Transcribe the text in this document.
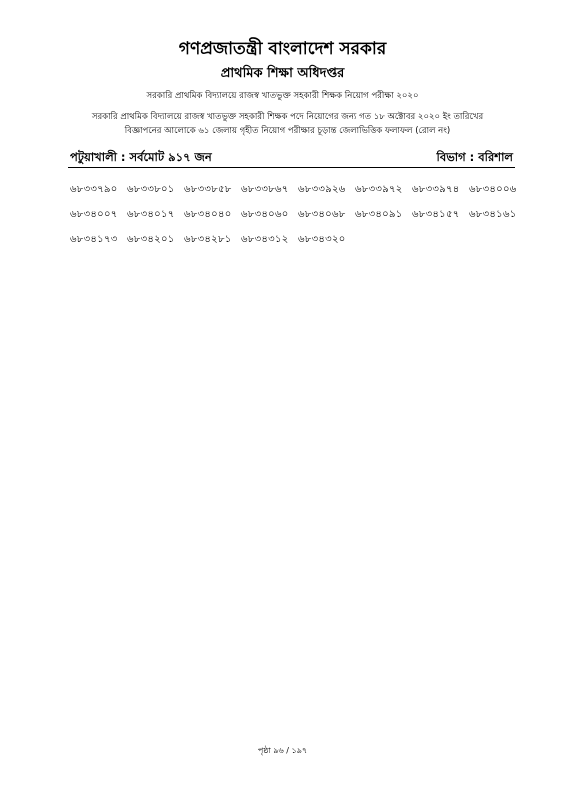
গণপ্রজাতন্ত্রী বাংলাদেশ সরকার
প্রাথমিক শিক্ষা অধিদপ্তর
সরকারি প্রাথমিক বিদ্যালয়ে রাজস্ব খাতভুক্ত সহকারী শিক্ষক নিয়োগ পরীক্ষা ২০২০
সরকারি প্রাথমিক বিদ্যালয়ে রাজস্ব খাতভুক্ত সহকারী শিক্ষক পদে নিয়োগের জন্য গত ১৮ অক্টোবর ২০২০ ইং তারিখের
বিজ্ঞাপনের আলোকে ৬১ জেলায় গৃহীত নিয়োগ পরীক্ষার চূড়ান্ত জেলাভিত্তিক ফলাফল (রোল নং)
পটুয়াখালী : সর্বমোট ৯১৭ জন	বিভাগ : বরিশাল
৬৮৩৩৭৯০ ৬৮৩৩৮০১ ৬৮৩৩৮৫৮ ৬৮৩৩৮৬৭ ৬৮৩৩৯২৬ ৬৮৩৩৯৭২ ৬৮৩৩৯৭৪ ৬৮৩৪০০৬
৬৮৩৪০০৭ ৬৮৩৪০১৭ ৬৮৩৪০৪০ ৬৮৩৪০৬০ ৬৮৩৪০৬৮ ৬৮৩৪০৯১ ৬৮৩৪১৫৭ ৬৮৩৪১৬১
৬৮৩৪১৭৩ ৬৮৩৪২০১ ৬৮৩৪২৮১ ৬৮৩৪৩১২ ৬৮৩৪৩২০
পৃষ্ঠা ৯৬ / ১৯৭
